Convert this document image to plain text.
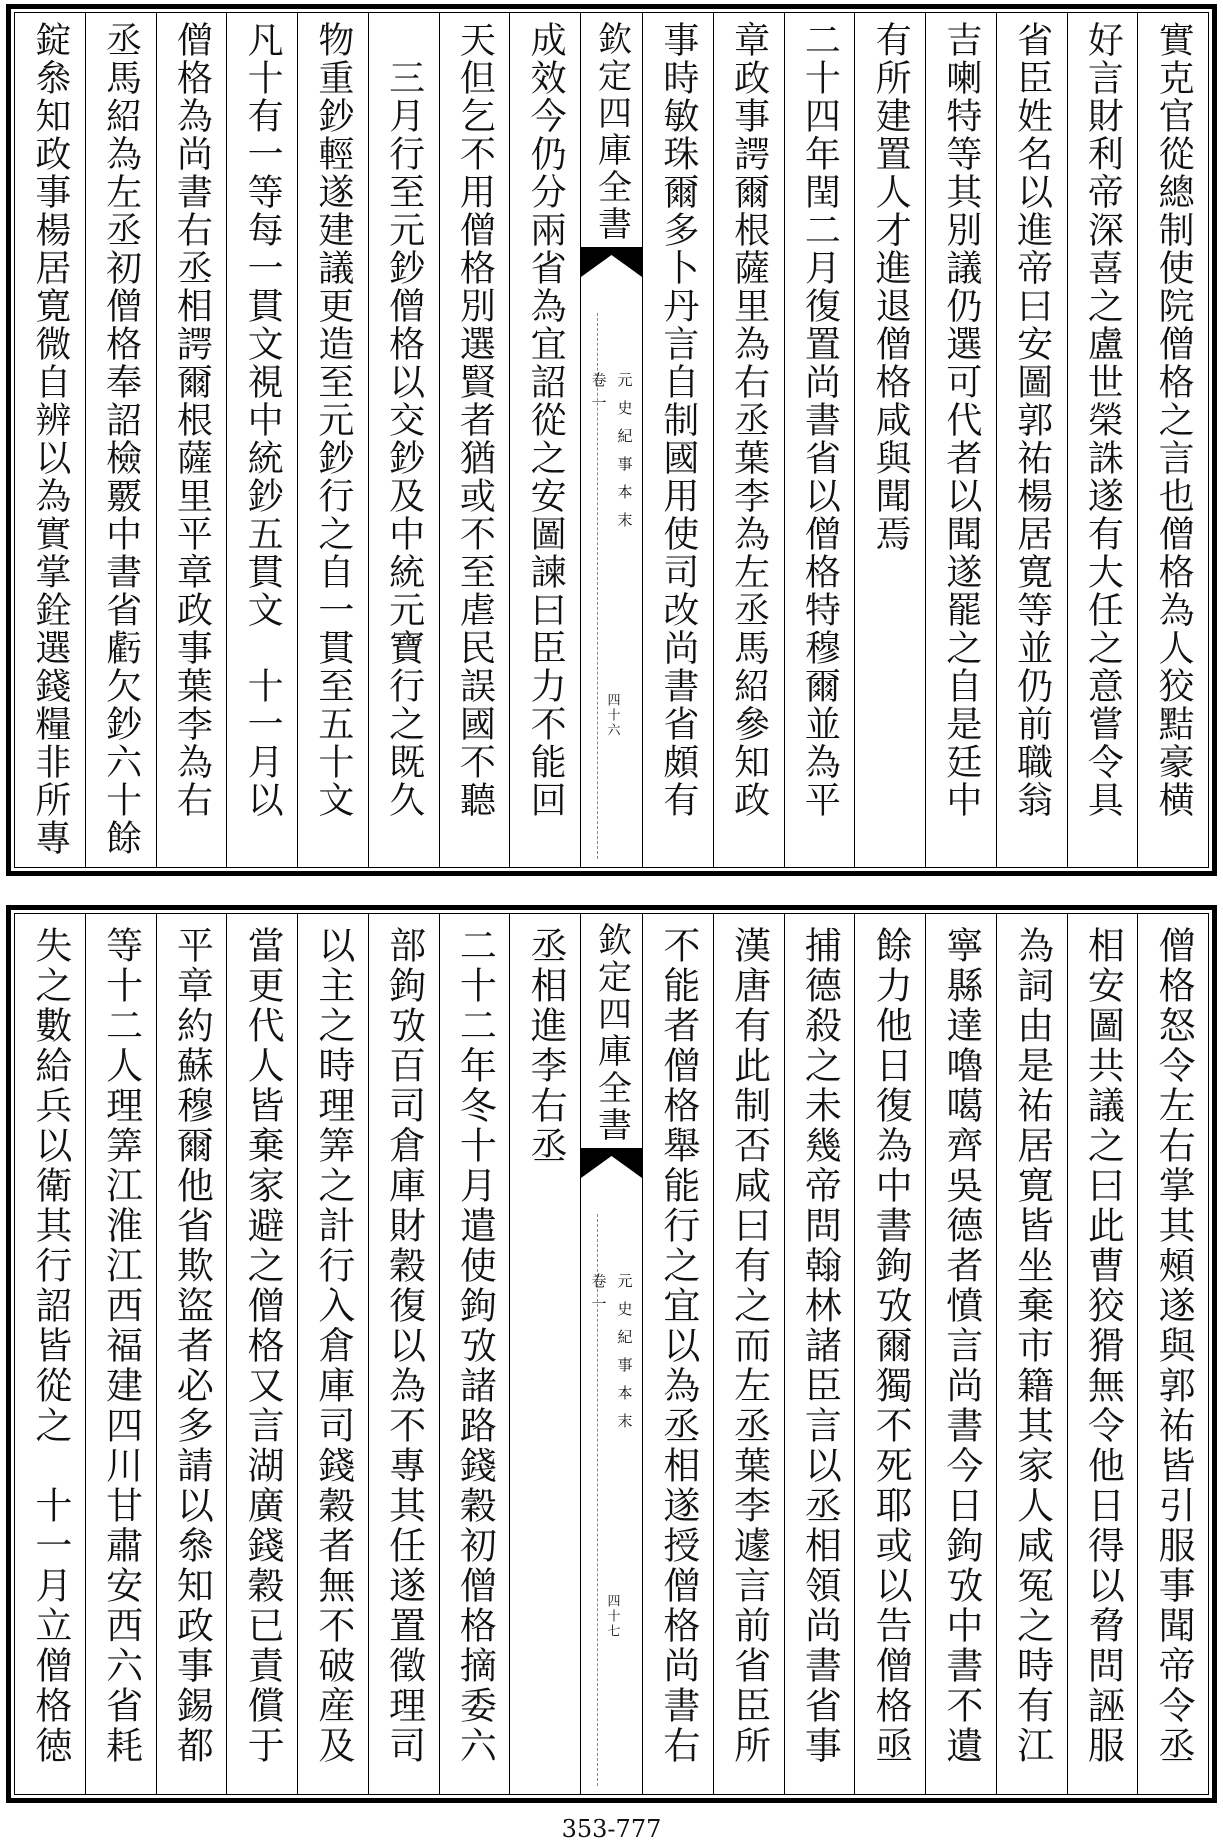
實克官從總制使院僧格之言也僧格為人狡黠豪横
好言財利帝深喜之盧世榮誅遂有大任之意嘗令具
省臣姓名以進帝曰安圖郭祐楊居寛等並仍前職翁
吉喇特等其別議仍選可代者以聞遂罷之自是廷中
有所建置人才進退僧格咸與聞焉
二十四年閏二月復置尚書省以僧格特穆爾並為平
章政事諤爾根薩里為右丞葉李為左丞馬紹參知政
事時敏珠爾多卜丹言自制國用使司改尚書省頗有
欽定四庫全書
元史紀事本末
卷一
四十六
成效今仍分兩省為宜詔從之安圖諫曰臣力不能回
天但乞不用僧格別選賢者猶或不至虐民誤國不聽
三月行至元鈔僧格以交鈔及中統元寶行之既久
物重鈔輕遂建議更造至元鈔行之自一貫至五十文
凡十有一等每一貫文視中統鈔五貫文　十一月以
僧格為尚書右丞相諤爾根薩里平章政事葉李為右
丞馬紹為左丞初僧格奉詔檢覈中書省虧欠鈔六十餘
錠叅知政事楊居寛微自辨以為實掌銓選錢糧非所專
僧格怒令左右掌其頰遂與郭祐皆引服事聞帝令丞
相安圖共議之曰此曹狡猾無令他日得以脅問誣服
為詞由是祐居寛皆坐棄市籍其家人咸冤之時有江
寧縣達嚕噶齊吳德者憤言尚書今日鉤攷中書不遺
餘力他日復為中書鉤攷爾獨不死耶或以告僧格亟
捕德殺之未幾帝問翰林諸臣言以丞相領尚書省事
漢唐有此制否咸曰有之而左丞葉李遽言前省臣所
不能者僧格舉能行之宜以為丞相遂授僧格尚書右
欽定四庫全書
元史紀事本末
卷一
四十七
丞相進李右丞
二十二年冬十月遣使鉤攷諸路錢穀初僧格摘委六
部鉤攷百司倉庫財穀復以為不專其任遂置徵理司
以主之時理筭之計行入倉庫司錢穀者無不破産及
當更代人皆棄家避之僧格又言湖廣錢穀已責償于
平章約蘇穆爾他省欺盜者必多請以叅知政事錫都
等十二人理筭江淮江西福建四川甘肅安西六省耗
失之數給兵以衛其行詔皆從之　十一月立僧格徳
353-777
